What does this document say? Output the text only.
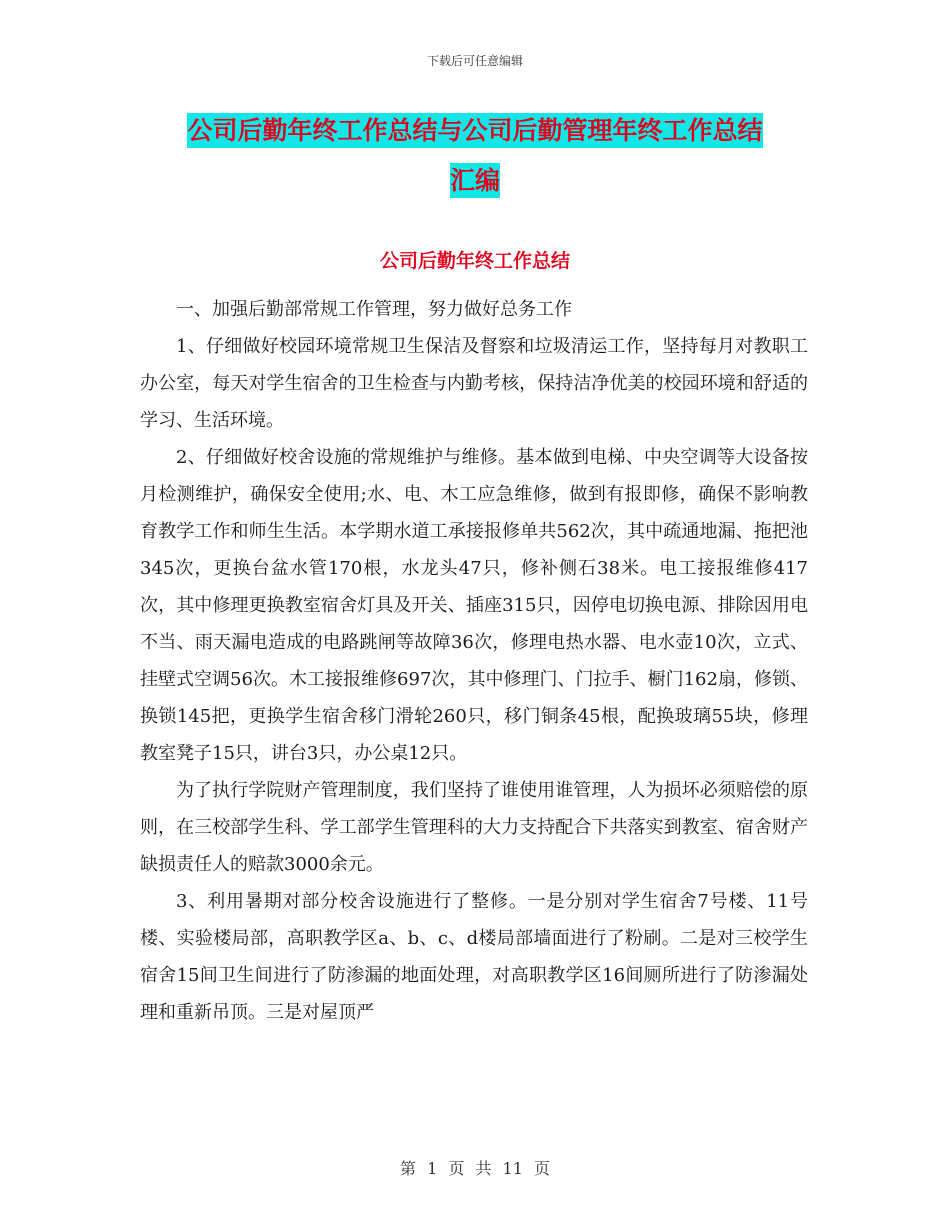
下载后可任意编辑
公司后勤年终工作总结与公司后勤管理年终工作总结
汇编
公司后勤年终工作总结

一、加强后勤部常规工作管理，努力做好总务工作

1、仔细做好校园环境常规卫生保洁及督察和垃圾清运工作，坚持每月对教职工办公室，每天对学生宿舍的卫生检查与内勤考核，保持洁净优美的校园环境和舒适的学习、生活环境。

2、仔细做好校舍设施的常规维护与维修。基本做到电梯、中央空调等大设备按月检测维护，确保安全使用;水、电、木工应急维修，做到有报即修，确保不影响教育教学工作和师生生活。本学期水道工承接报修单共562次，其中疏通地漏、拖把池345次，更换台盆水管170根，水龙头47只，修补侧石38米。电工接报维修417次，其中修理更换教室宿舍灯具及开关、插座315只，因停电切换电源、排除因用电不当、雨天漏电造成的电路跳闸等故障36次，修理电热水器、电水壶10次，立式、挂壁式空调56次。木工接报维修697次，其中修理门、门拉手、橱门162扇，修锁、换锁145把，更换学生宿舍移门滑轮260只，移门铜条45根，配换玻璃55块，修理教室凳子15只，讲台3只，办公桌12只。

为了执行学院财产管理制度，我们坚持了谁使用谁管理，人为损坏必须赔偿的原则，在三校部学生科、学工部学生管理科的大力支持配合下共落实到教室、宿舍财产缺损责任人的赔款3000余元。

3、利用暑期对部分校舍设施进行了整修。一是分别对学生宿舍7号楼、11号楼、实验楼局部，高职教学区a、b、c、d楼局部墙面进行了粉刷。二是对三校学生宿舍15间卫生间进行了防渗漏的地面处理，对高职教学区16间厕所进行了防渗漏处理和重新吊顶。三是对屋顶严

第 1 页 共 11 页
